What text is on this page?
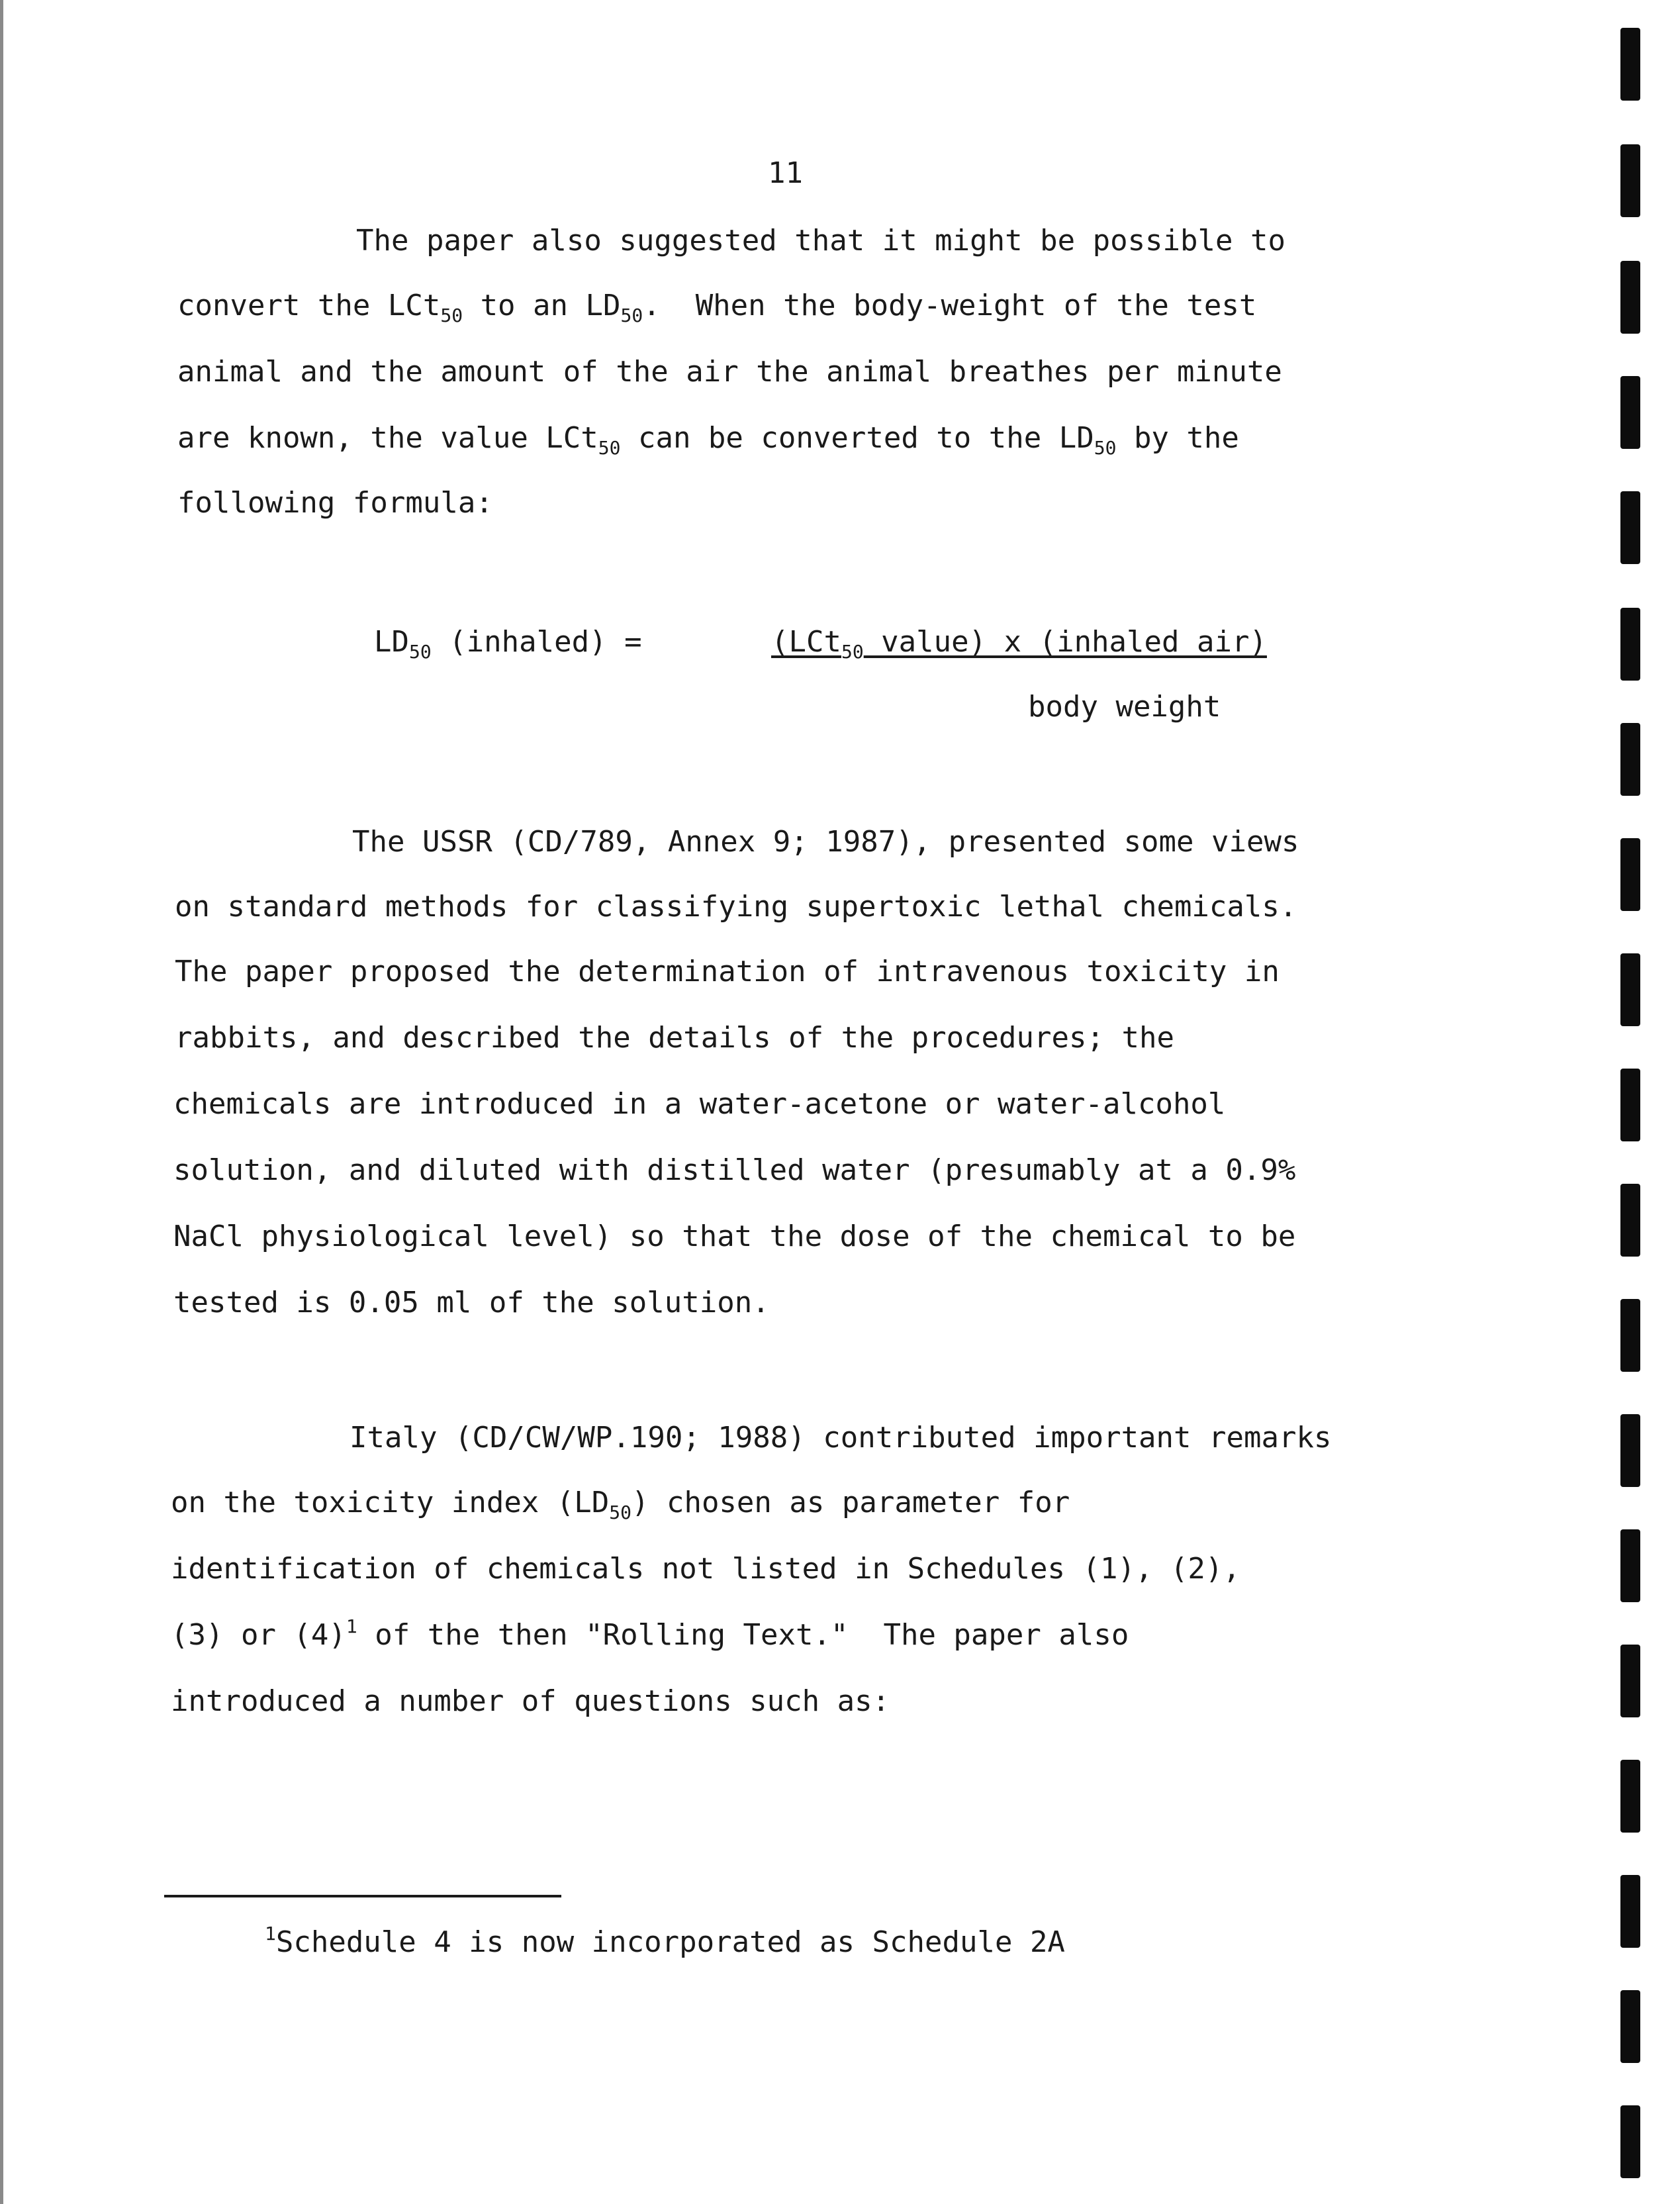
11
The paper also suggested that it might be possible to
convert the LCt$_{50}$ to an $LD_{50}$.  When the body-weight of the test
animal and the amount of the air the animal breathes per minute
are known, the value LCt$_{50}$ can be converted to the $LD_{50}$ by the
following formula:
$LD_{50}$ (inhaled) =	(LCt$_{50}$ value) x (inhaled air)
body weight
The USSR (CD/789, Annex 9; 1987), presented some views
on standard methods for classifying supertoxic lethal chemicals.
The paper proposed the determination of intravenous toxicity in
rabbits, and described the details of the procedures; the
chemicals are introduced in a water-acetone or water-alcohol
solution, and diluted with distilled water (presumably at a 0.9%
NaCl physiological level) so that the dose of the chemical to be
tested is 0.05 ml of the solution.
Italy (CD/CW/WP.190; 1988) contributed important remarks
on the toxicity index $(LD_{50})$ chosen as parameter for
identification of chemicals not listed in Schedules (1), (2),
(3) or $(4)^1$ of the then "Rolling Text."  The paper also
introduced a number of questions such as:
$^1$Schedule 4 is now incorporated as Schedule 2A
